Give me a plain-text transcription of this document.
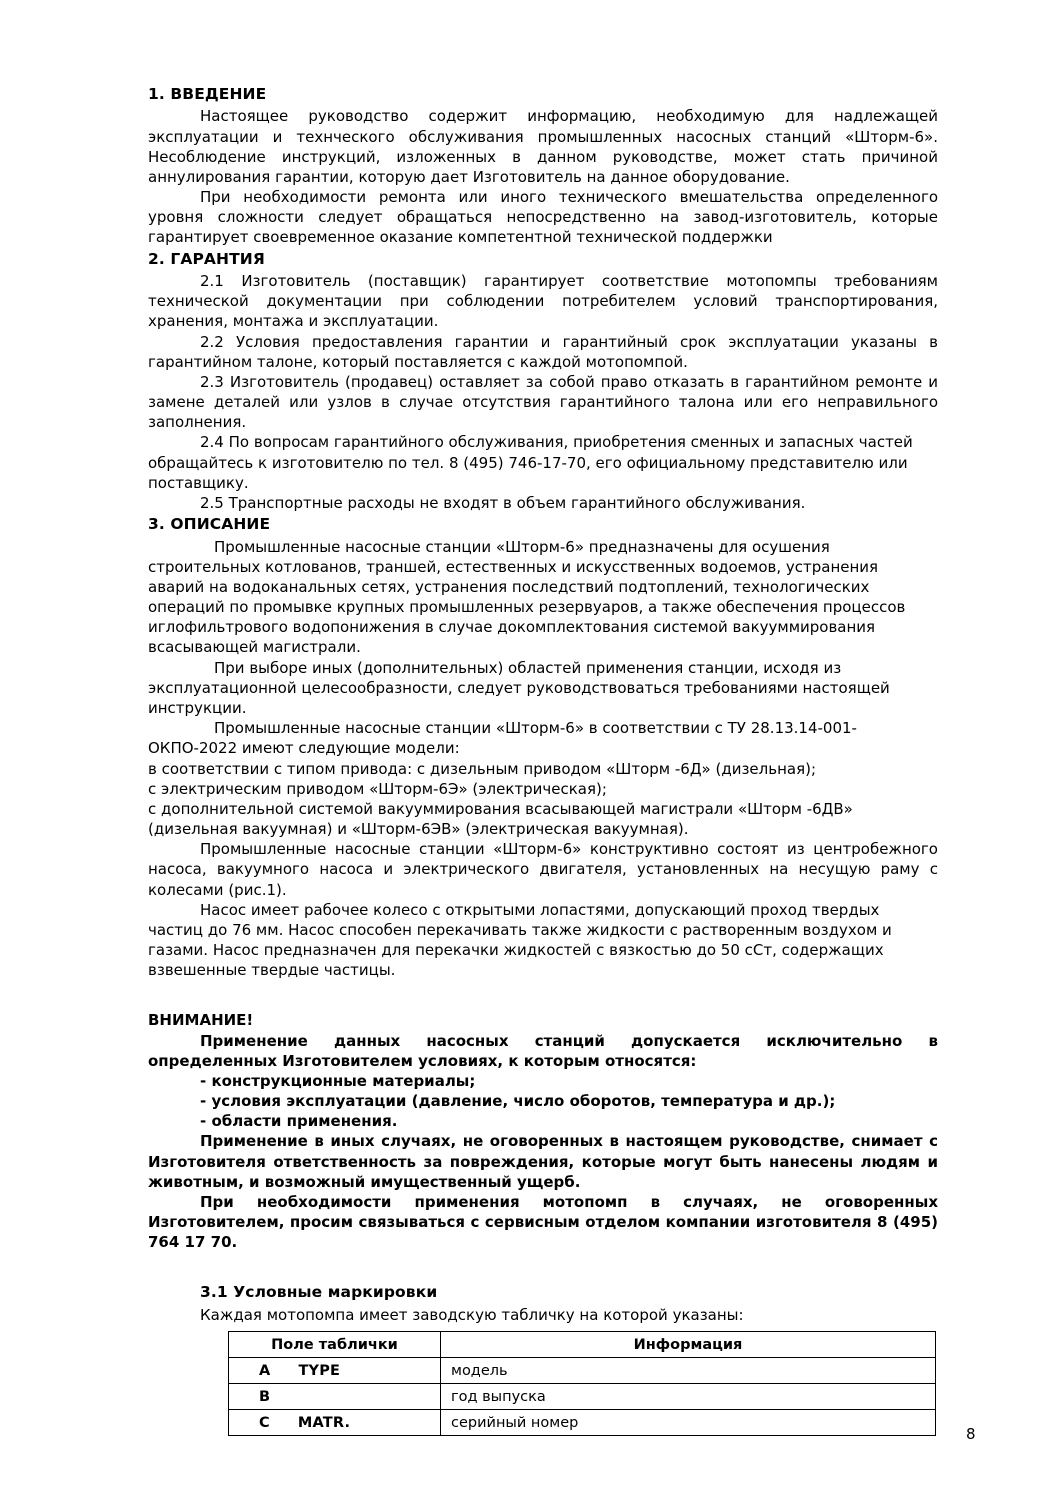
1. ВВЕДЕНИЕ

Настоящее руководство содержит информацию, необходимую для надлежащей эксплуатации и технческого обслуживания промышленных насосных станций «Шторм-6». Несоблюдение инструкций, изложенных в данном руководстве, может стать причиной аннулирования гарантии, которую дает Изготовитель на данное оборудование.

При необходимости ремонта или иного технического вмешательства определенного уровня сложности следует обращаться непосредственно на завод-изготовитель, которые гарантирует своевременное оказание компетентной технической поддержки

2. ГАРАНТИЯ

2.1 Изготовитель (поставщик) гарантирует соответствие мотопомпы требованиям технической документации при соблюдении потребителем условий транспортирования, хранения, монтажа и эксплуатации.

2.2 Условия предоставления гарантии и гарантийный срок эксплуатации указаны в гарантийном талоне, который поставляется с каждой мотопомпой.

2.3 Изготовитель (продавец) оставляет за собой право отказать в гарантийном ремонте и замене деталей или узлов в случае отсутствия гарантийного талона или его неправильного заполнения.

2.4 По вопросам гарантийного обслуживания, приобретения сменных и запасных частей обращайтесь к изготовителю по тел. 8 (495) 746-17-70, его официальному представителю или поставщику.

2.5 Транспортные расходы не входят в объем гарантийного обслуживания.

3. ОПИСАНИЕ

Промышленные насосные станции «Шторм-6» предназначены для осушения строительных котлованов, траншей, естественных и искусственных водоемов, устранения аварий на водоканальных сетях, устранения последствий подтоплений, технологических операций по промывке крупных промышленных резервуаров, а также обеспечения процессов иглофильтрового водопонижения в случае докомплектования системой вакууммирования всасывающей магистрали.

При выборе иных (дополнительных) областей применения станции, исходя из эксплуатационной целесообразности, следует руководствоваться требованиями настоящей инструкции.

Промышленные насосные станции «Шторм-6» в соответствии с ТУ 28.13.14-001-ОКПО-2022 имеют следующие модели:

в соответствии с типом привода: с дизельным приводом «Шторм -6Д» (дизельная);

с электрическим приводом «Шторм-6Э» (электрическая);

с дополнительной системой вакууммирования всасывающей магистрали «Шторм -6ДВ» (дизельная вакуумная) и «Шторм-6ЭВ» (электрическая вакуумная).

Промышленные насосные станции «Шторм-6» конструктивно состоят из центробежного насоса, вакуумного насоса и электрического двигателя, установленных на несущую раму с колесами (рис.1).

Насос имеет рабочее колесо с открытыми лопастями, допускающий проход твердых частиц до 76 мм. Насос способен перекачивать также жидкости с растворенным воздухом и газами. Насос предназначен для перекачки жидкостей с вязкостью до 50 сСт, содержащих взвешенные твердые частицы.

ВНИМАНИЕ!

Применение данных насосных станций допускается исключительно в определенных Изготовителем условиях, к которым относятся:

- конструкционные материалы;

- условия эксплуатации (давление, число оборотов, температура и др.);

- области применения.

Применение в иных случаях, не оговоренных в настоящем руководстве, снимает с Изготовителя ответственность за повреждения, которые могут быть нанесены людям и животным, и возможный имущественный ущерб.

При необходимости применения мотопомп в случаях, не оговоренных Изготовителем, просим связываться с сервисным отделом компании изготовителя 8 (495) 764 17 70.

3.1 Условные маркировки

Каждая мотопомпа имеет заводскую табличку на которой указаны:

Поле таблички	Информация
A TYPE	модель
B	год выпуска
C MATR.	серийный номер
8
